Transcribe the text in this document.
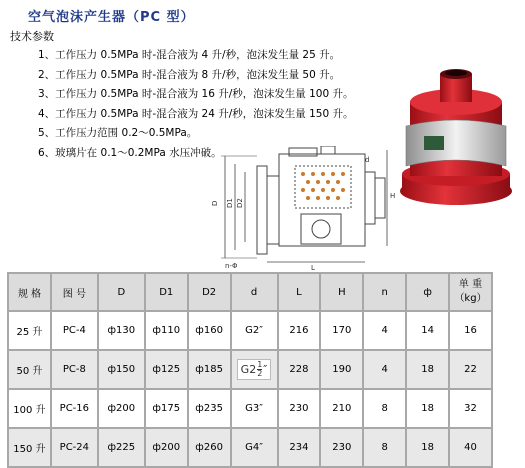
空气泡沫产生器（PC 型）
技术参数
1、工作压力 0.5MPa 时-混合液为 4 升/秒，泡沫发生量 25 升。
2、工作压力 0.5MPa 时-混合液为 8 升/秒，泡沫发生量 50 升。
3、工作压力 0.5MPa 时-混合液为 16 升/秒，泡沫发生量 100 升。
4、工作压力 0.5MPa 时-混合液为 24 升/秒，泡沫发生量 150 升。
5、工作压力范围 0.2～0.5MPa。
6、玻璃片在 0.1～0.2MPa 水压冲破。
D D1 D2
H
L
n-Φ
d
规 格	图 号	D	D1	D2	d	L	H	n	ф	单 重
（kg）
25 升	PC-4	ф130	ф110	ф160	G2″	216	170	4	14	16
50 升	PC-8	ф150	ф125	ф185	$G2 \frac{1}{2}$ ″	228	190	4	18	22
100 升	PC-16	ф200	ф175	ф235	G3″	230	210	8	18	32
150 升	PC-24	ф225	ф200	ф260	G4″	234	230	8	18	40
